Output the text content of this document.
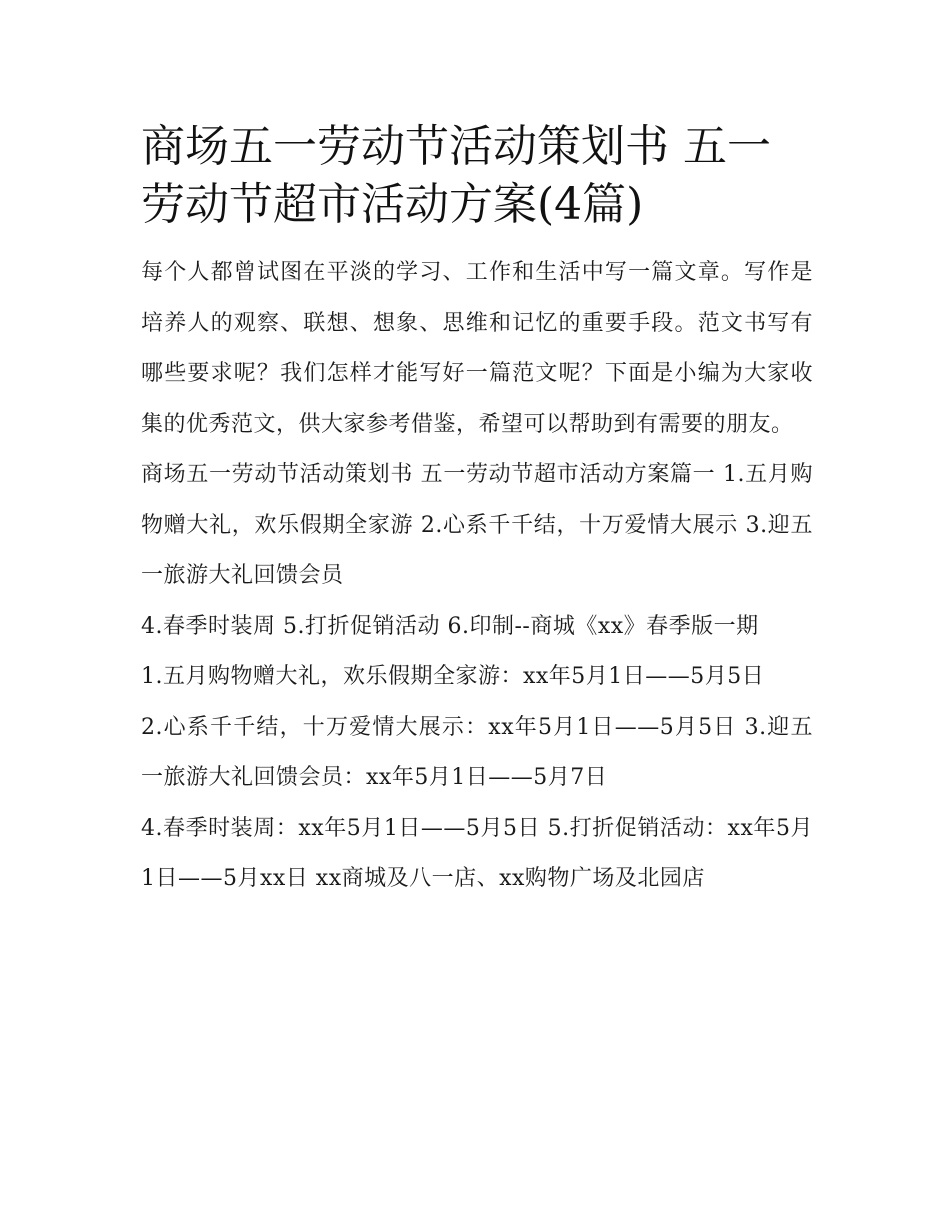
商场五一劳动节活动策划书 五一劳动节超市活动方案(4篇)

每个人都曾试图在平淡的学习、工作和生活中写一篇文章。写作是培养人的观察、联想、想象、思维和记忆的重要手段。范文书写有哪些要求呢？我们怎样才能写好一篇范文呢？下面是小编为大家收集的优秀范文，供大家参考借鉴，希望可以帮助到有需要的朋友。

商场五一劳动节活动策划书 五一劳动节超市活动方案篇一 1.五月购物赠大礼，欢乐假期全家游 2.心系千千结，十万爱情大展示 3.迎五一旅游大礼回馈会员

4.春季时装周 5.打折促销活动 6.印制--商城《xx》春季版一期

1.五月购物赠大礼，欢乐假期全家游：xx年5月1日——5月5日

2.心系千千结，十万爱情大展示：xx年5月1日——5月5日 3.迎五一旅游大礼回馈会员：xx年5月1日——5月7日

4.春季时装周：xx年5月1日——5月5日 5.打折促销活动：xx年5月1日——5月xx日 xx商城及八一店、xx购物广场及北园店
